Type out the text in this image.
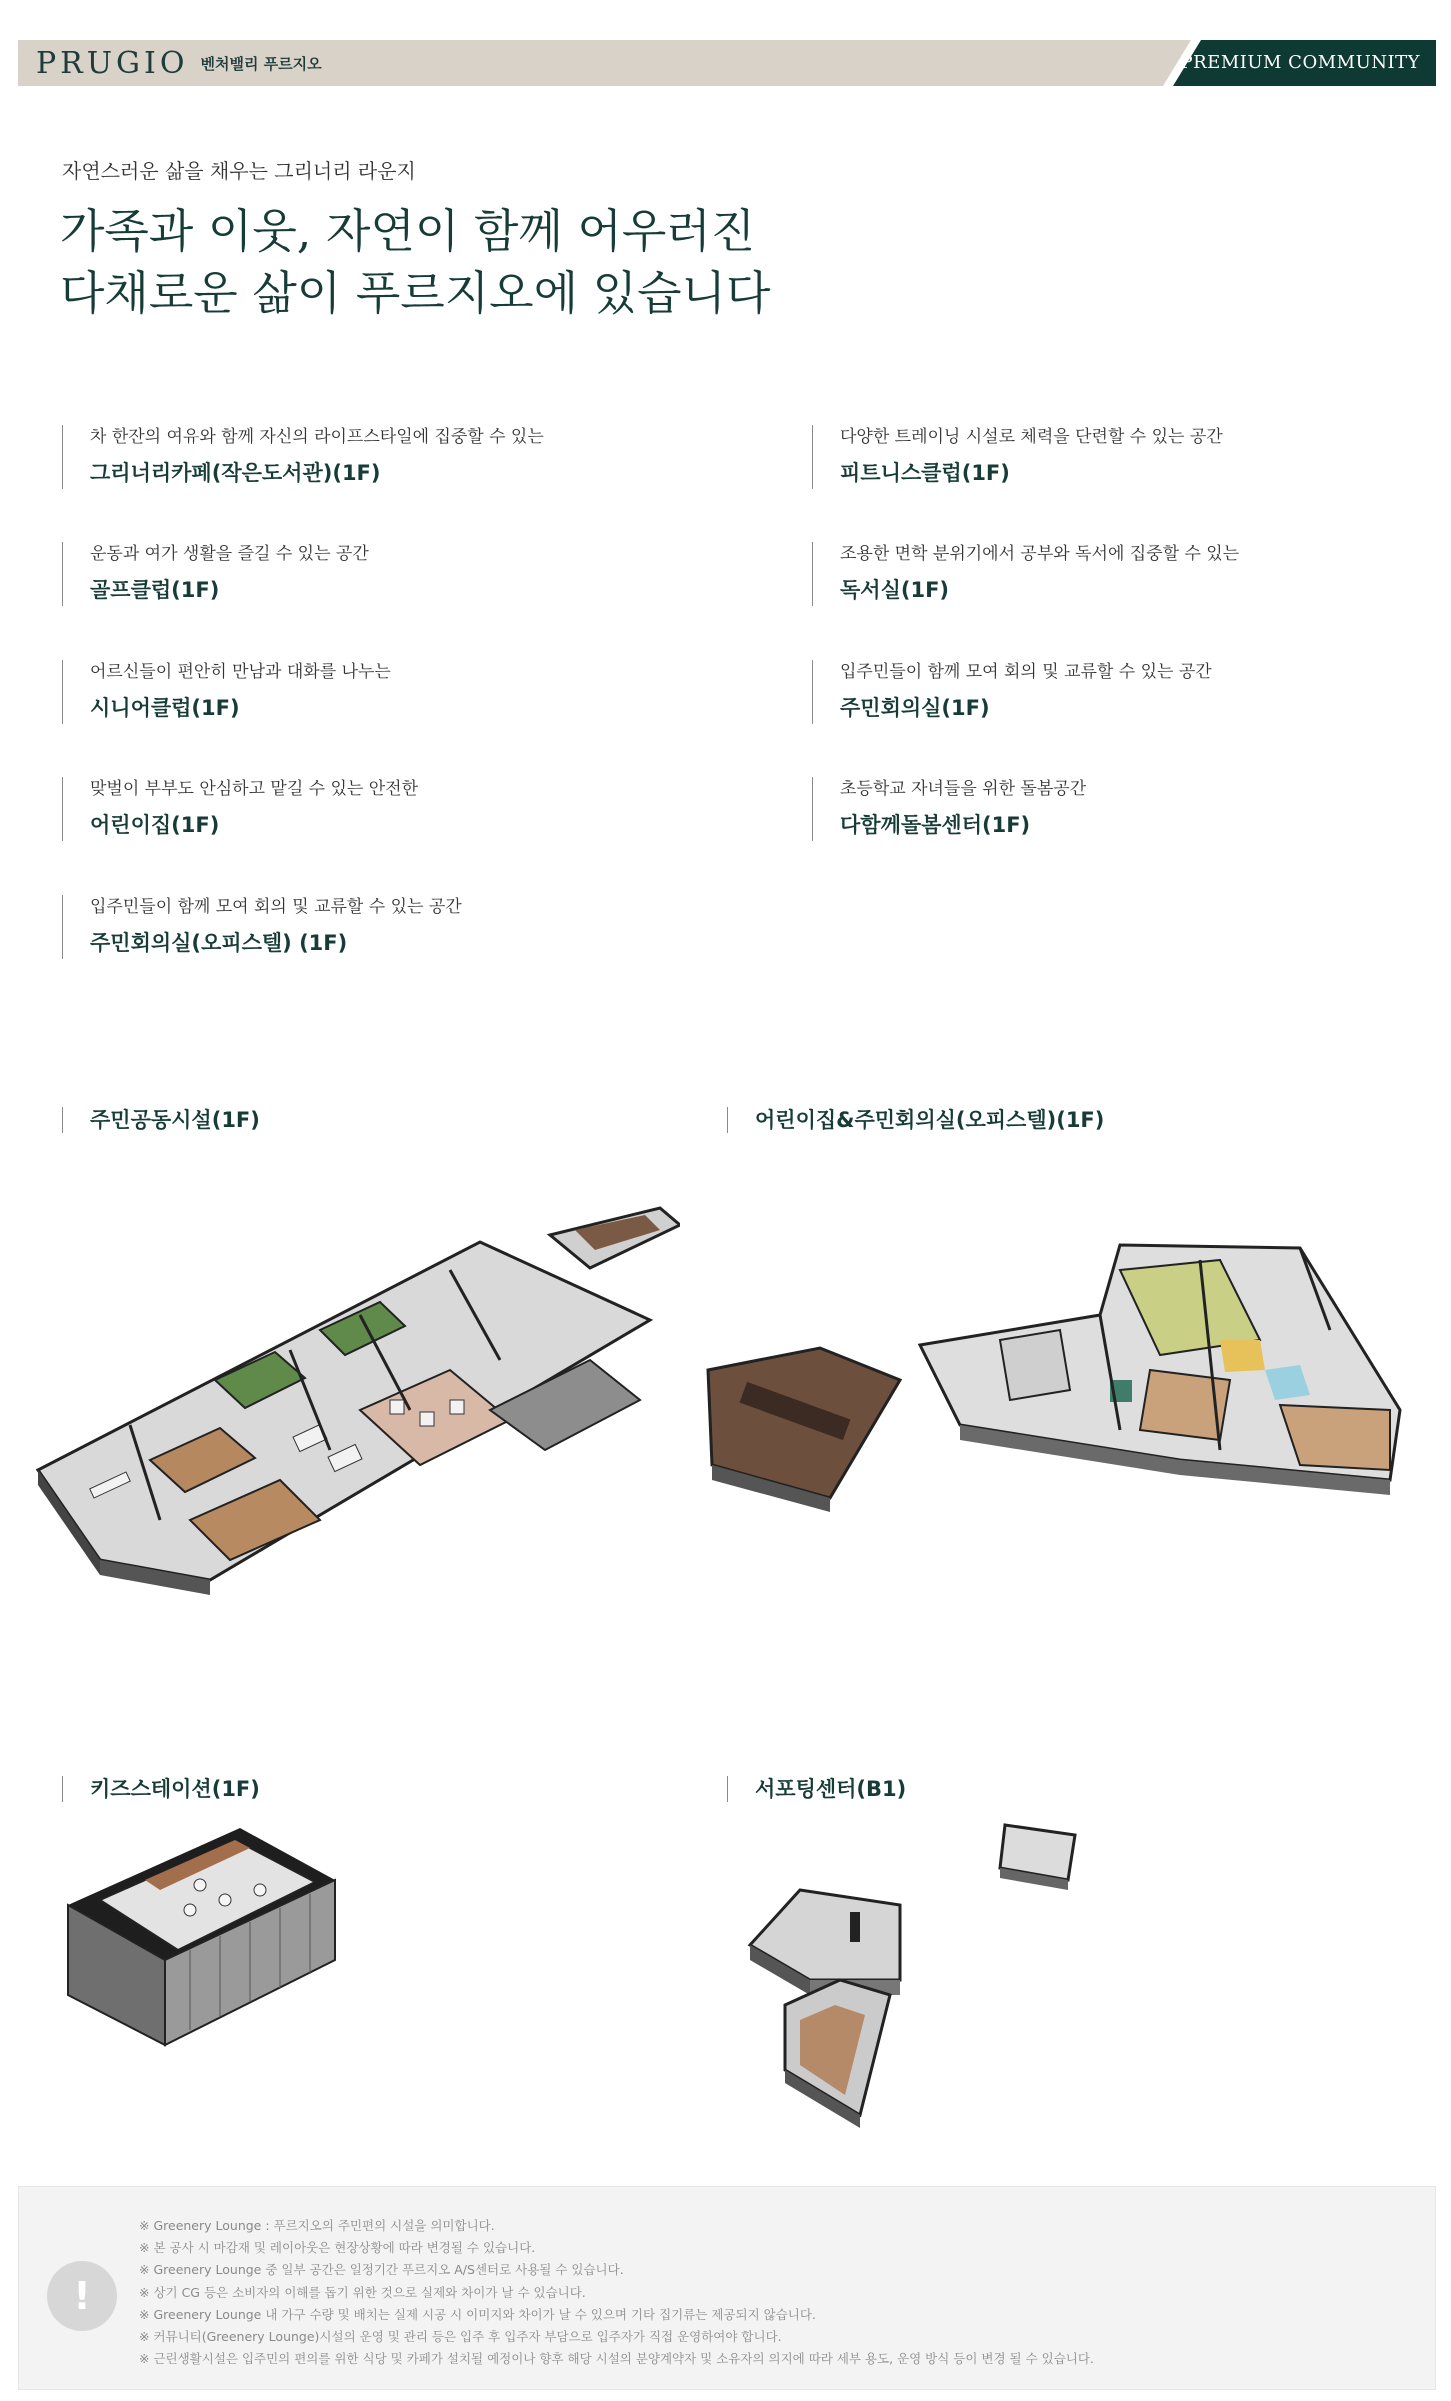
PRUGIO 벤처밸리 푸르지오	PREMIUM COMMUNITY
자연스러운 삶을 채우는 그리너리 라운지
가족과 이웃, 자연이 함께 어우러진
다채로운 삶이 푸르지오에 있습니다
차 한잔의 여유와 함께 자신의 라이프스타일에 집중할 수 있는
그리너리카페(작은도서관)(1F)
다양한 트레이닝 시설로 체력을 단련할 수 있는 공간
피트니스클럽(1F)
운동과 여가 생활을 즐길 수 있는 공간
골프클럽(1F)
조용한 면학 분위기에서 공부와 독서에 집중할 수 있는
독서실(1F)
어르신들이 편안히 만남과 대화를 나누는
시니어클럽(1F)
입주민들이 함께 모여 회의 및 교류할 수 있는 공간
주민회의실(1F)
맞벌이 부부도 안심하고 맡길 수 있는 안전한
어린이집(1F)
초등학교 자녀들을 위한 돌봄공간
다함께돌봄센터(1F)
입주민들이 함께 모여 회의 및 교류할 수 있는 공간
주민회의실(오피스텔) (1F)
주민공동시설(1F)	어린이집&주민회의실(오피스텔)(1F)
키즈스테이션(1F)	서포팅센터(B1)
!
※ Greenery Lounge : 푸르지오의 주민편의 시설을 의미합니다.
※ 본 공사 시 마감재 및 레이아웃은 현장상황에 따라 변경될 수 있습니다.
※ Greenery Lounge 중 일부 공간은 일정기간 푸르지오 A/S센터로 사용될 수 있습니다.
※ 상기 CG 등은 소비자의 이해를 돕기 위한 것으로 실제와 차이가 날 수 있습니다.
※ Greenery Lounge 내 가구 수량 및 배치는 실제 시공 시 이미지와 차이가 날 수 있으며 기타 집기류는 제공되지 않습니다.
※ 커뮤니티(Greenery Lounge)시설의 운영 및 관리 등은 입주 후 입주자 부담으로 입주자가 직접 운영하여야 합니다.
※ 근린생활시설은 입주민의 편의를 위한 식당 및 카페가 설치될 예정이나 향후 해당 시설의 분양계약자 및 소유자의 의지에 따라 세부 용도, 운영 방식 등이 변경 될 수 있습니다.
